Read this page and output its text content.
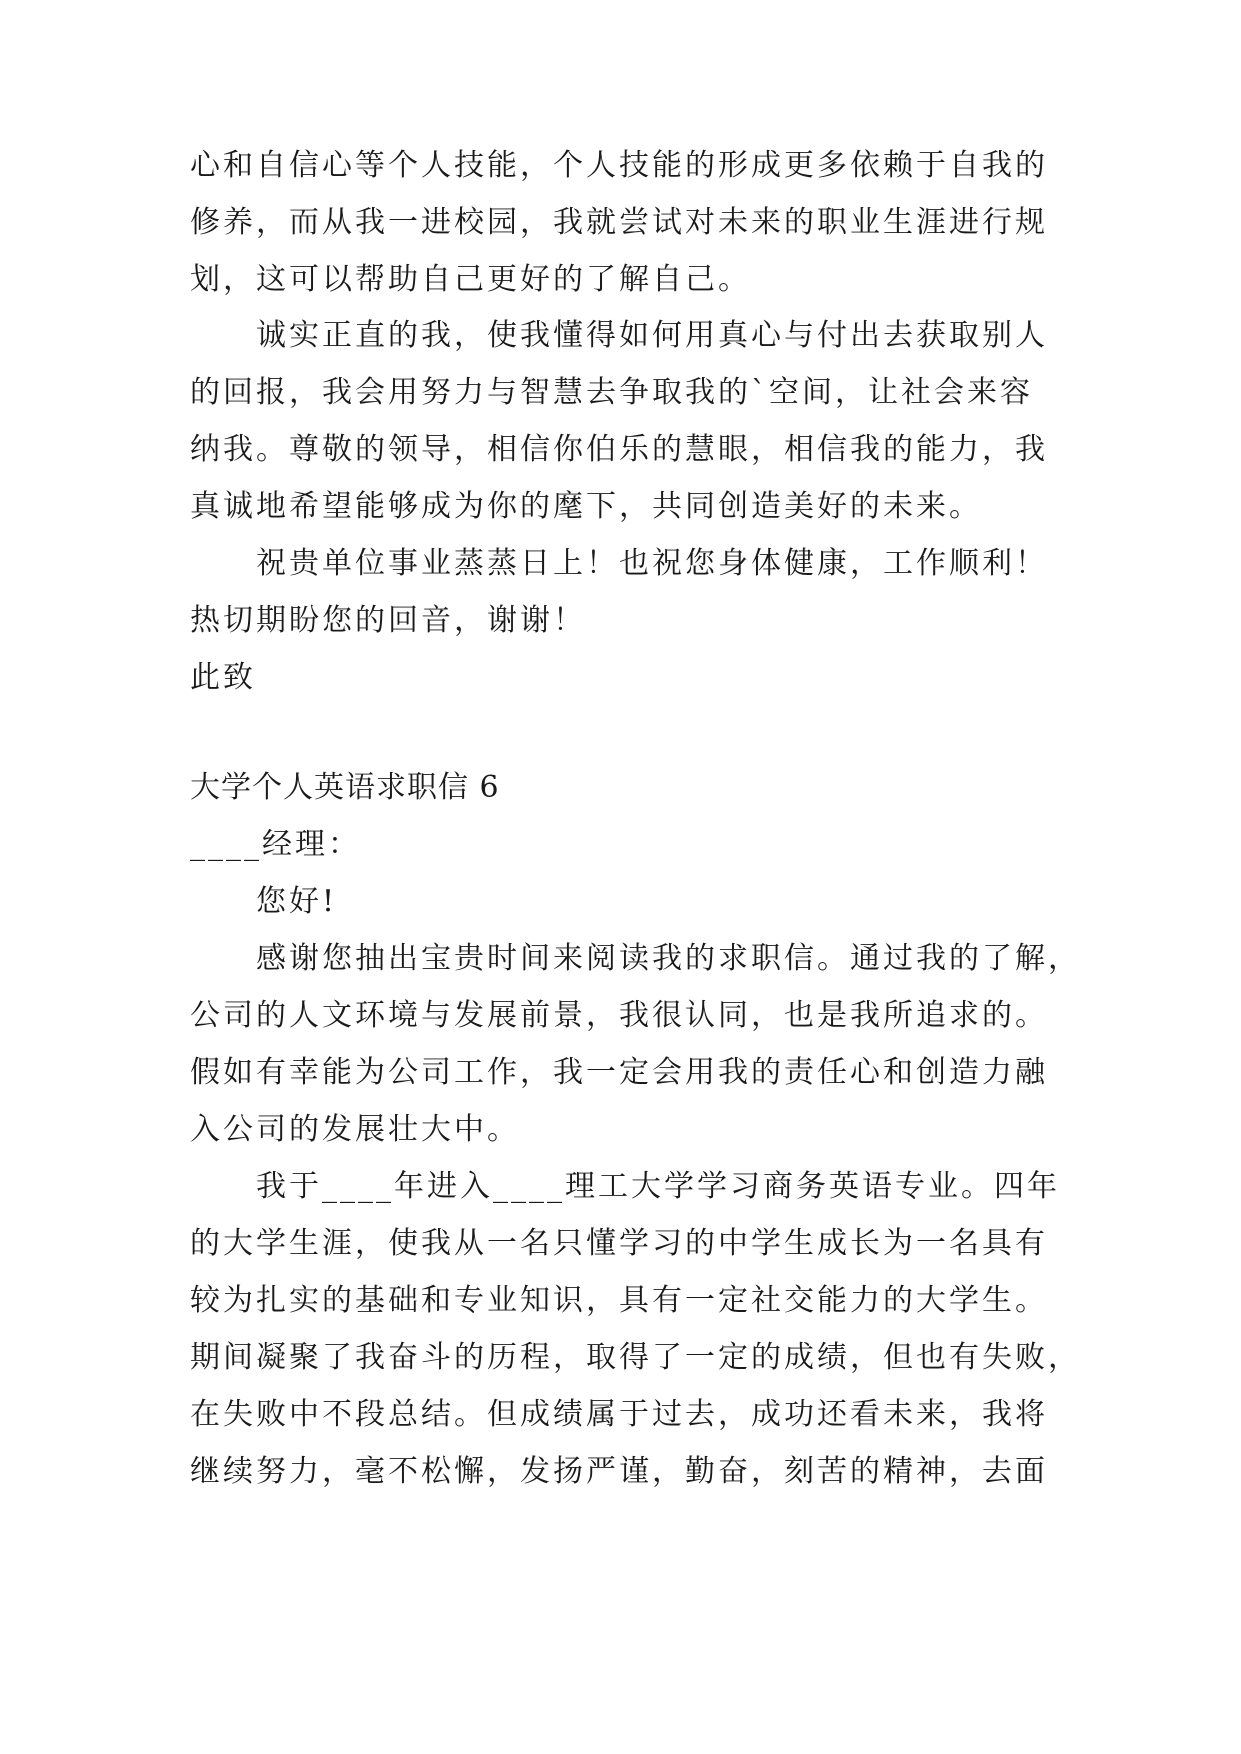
心和自信心等个人技能，个人技能的形成更多依赖于自我的
修养，而从我一进校园，我就尝试对未来的职业生涯进行规
划，这可以帮助自己更好的了解自己。
诚实正直的我，使我懂得如何用真心与付出去获取别人
的回报，我会用努力与智慧去争取我的`空间，让社会来容
纳我。尊敬的领导，相信你伯乐的慧眼，相信我的能力，我
真诚地希望能够成为你的麾下，共同创造美好的未来。
祝贵单位事业蒸蒸日上！也祝您身体健康，工作顺利！
热切期盼您的回音，谢谢！
此致
大学个人英语求职信 6
____经理：
您好!
感谢您抽出宝贵时间来阅读我的求职信。通过我的了解，
公司的人文环境与发展前景，我很认同，也是我所追求的。
假如有幸能为公司工作，我一定会用我的责任心和创造力融
入公司的发展壮大中。
我于____年进入____理工大学学习商务英语专业。四年
的大学生涯，使我从一名只懂学习的中学生成长为一名具有
较为扎实的基础和专业知识，具有一定社交能力的大学生。
期间凝聚了我奋斗的历程，取得了一定的成绩，但也有失败，
在失败中不段总结。但成绩属于过去，成功还看未来，我将
继续努力，毫不松懈，发扬严谨，勤奋，刻苦的精神，去面
